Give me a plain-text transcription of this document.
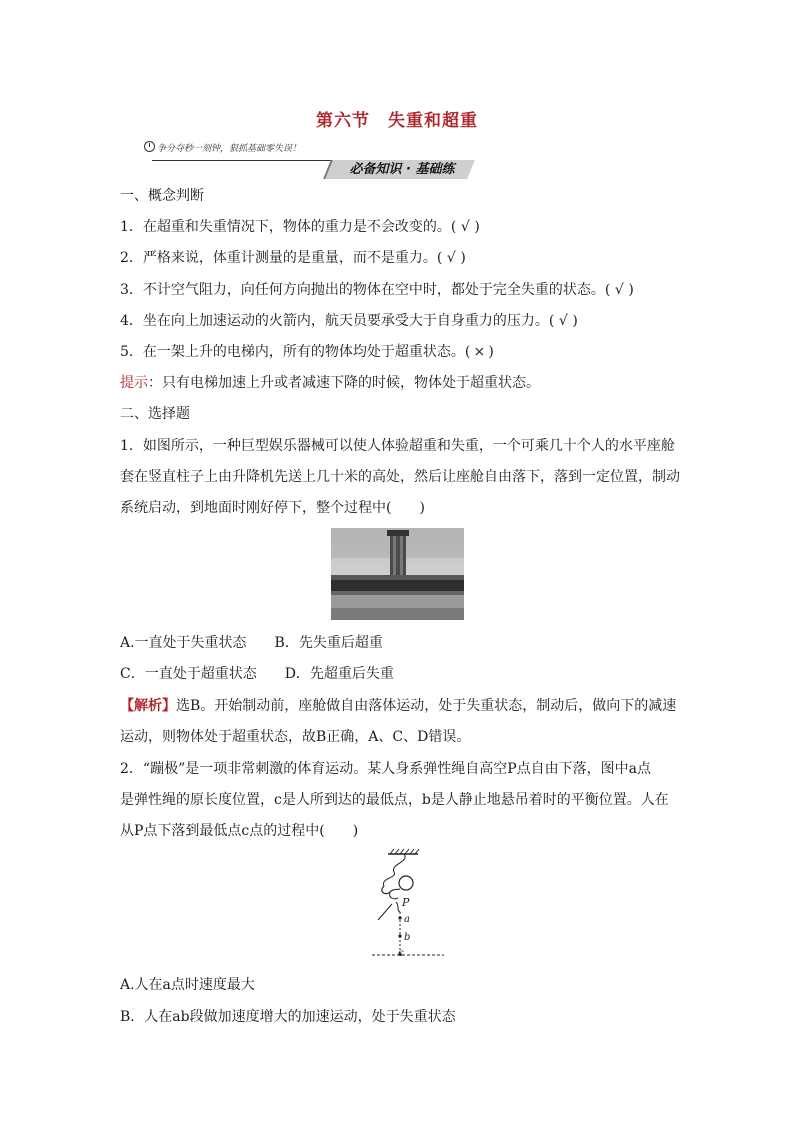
第六节　失重和超重
争分夺秒一刻钟，狠抓基础零失误！
必备知识 · 基础练
一、概念判断
1．在超重和失重情况下，物体的重力是不会改变的。( √ )
2．严格来说，体重计测量的是重量，而不是重力。( √ )
3．不计空气阻力，向任何方向抛出的物体在空中时，都处于完全失重的状态。( √ )
4．坐在向上加速运动的火箭内，航天员要承受大于自身重力的压力。( √ )
5．在一架上升的电梯内，所有的物体均处于超重状态。( × )
提示：只有电梯加速上升或者减速下降的时候，物体处于超重状态。
二、选择题
1．如图所示，一种巨型娱乐器械可以使人体验超重和失重，一个可乘几十个人的水平座舱
套在竖直柱子上由升降机先送上几十米的高处，然后让座舱自由落下，落到一定位置，制动
系统启动，到地面时刚好停下，整个过程中(　　)
A.一直处于失重状态　　B．先失重后超重
C．一直处于超重状态　　D．先超重后失重
【解析】选B。开始制动前，座舱做自由落体运动，处于失重状态，制动后，做向下的减速
运动，则物体处于超重状态，故B正确，A、C、D错误。
2．“蹦极”是一项非常刺激的体育运动。某人身系弹性绳自高空P点自由下落，图中a点
是弹性绳的原长度位置，c是人所到达的最低点，b是人静止地悬吊着时的平衡位置。人在
从P点下落到最低点c点的过程中(　　)
P
a
b
c
A.人在a点时速度最大
B．人在ab段做加速度增大的加速运动，处于失重状态
